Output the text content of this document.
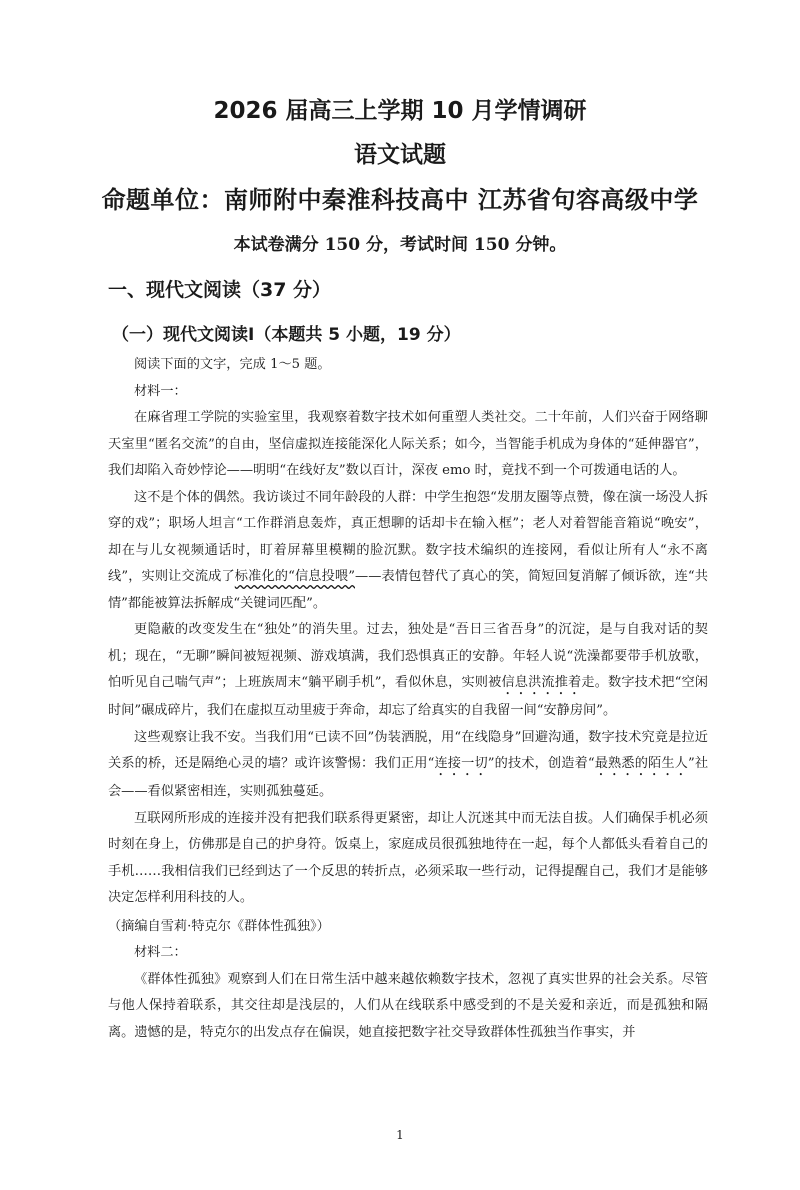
2026 届高三上学期 10 月学情调研
语文试题
命题单位：南师附中秦淮科技高中 江苏省句容高级中学
本试卷满分 150 分，考试时间 150 分钟。
一、现代文阅读（37 分）
（一）现代文阅读Ⅰ（本题共 5 小题，19 分）

阅读下面的文字，完成 1～5 题。

材料一：

在麻省理工学院的实验室里，我观察着数字技术如何重塑人类社交。二十年前，人们兴奋于网络聊天室里“匿名交流”的自由，坚信虚拟连接能深化人际关系；如今，当智能手机成为身体的“延伸器官”，我们却陷入奇妙悖论——明明“在线好友”数以百计，深夜 emo 时，竟找不到一个可拨通电话的人。

这不是个体的偶然。我访谈过不同年龄段的人群：中学生抱怨“发朋友圈等点赞，像在演一场没人拆穿的戏”；职场人坦言“工作群消息轰炸，真正想聊的话却卡在输入框”；老人对着智能音箱说“晚安”，却在与儿女视频通话时，盯着屏幕里模糊的脸沉默。数字技术编织的连接网，看似让所有人“永不离线”，实则让交流成了标准化的“信息投喂”——表情包替代了真心的笑，简短回复消解了倾诉欲，连“共情”都能被算法拆解成“关键词匹配”。

更隐蔽的改变发生在“独处”的消失里。过去，独处是“吾日三省吾身”的沉淀，是与自我对话的契机；现在，“无聊”瞬间被短视频、游戏填满，我们恐惧真正的安静。年轻人说“洗澡都要带手机放歌，怕听见自己喘气声”；上班族周末“躺平刷手机”，看似休息，实则被信息洪流推着走。数字技术把“空闲时间”碾成碎片，我们在虚拟互动里疲于奔命，却忘了给真实的自我留一间“安静房间”。

这些观察让我不安。当我们用“已读不回”伪装洒脱，用“在线隐身”回避沟通，数字技术究竟是拉近关系的桥，还是隔绝心灵的墙？或许该警惕：我们正用“连接一切”的技术，创造着“最熟悉的陌生人”社会——看似紧密相连，实则孤独蔓延。

互联网所形成的连接并没有把我们联系得更紧密，却让人沉迷其中而无法自拔。人们确保手机必须时刻在身上，仿佛那是自己的护身符。饭桌上，家庭成员很孤独地待在一起，每个人都低头看着自己的手机……我相信我们已经到达了一个反思的转折点，必须采取一些行动，记得提醒自己，我们才是能够决定怎样利用科技的人。

（摘编自雪莉·特克尔《群体性孤独》）

材料二：

《群体性孤独》观察到人们在日常生活中越来越依赖数字技术，忽视了真实世界的社会关系。尽管与他人保持着联系，其交往却是浅层的，人们从在线联系中感受到的不是关爱和亲近，而是孤独和隔离。遗憾的是，特克尔的出发点存在偏误，她直接把数字社交导致群体性孤独当作事实，并

1
